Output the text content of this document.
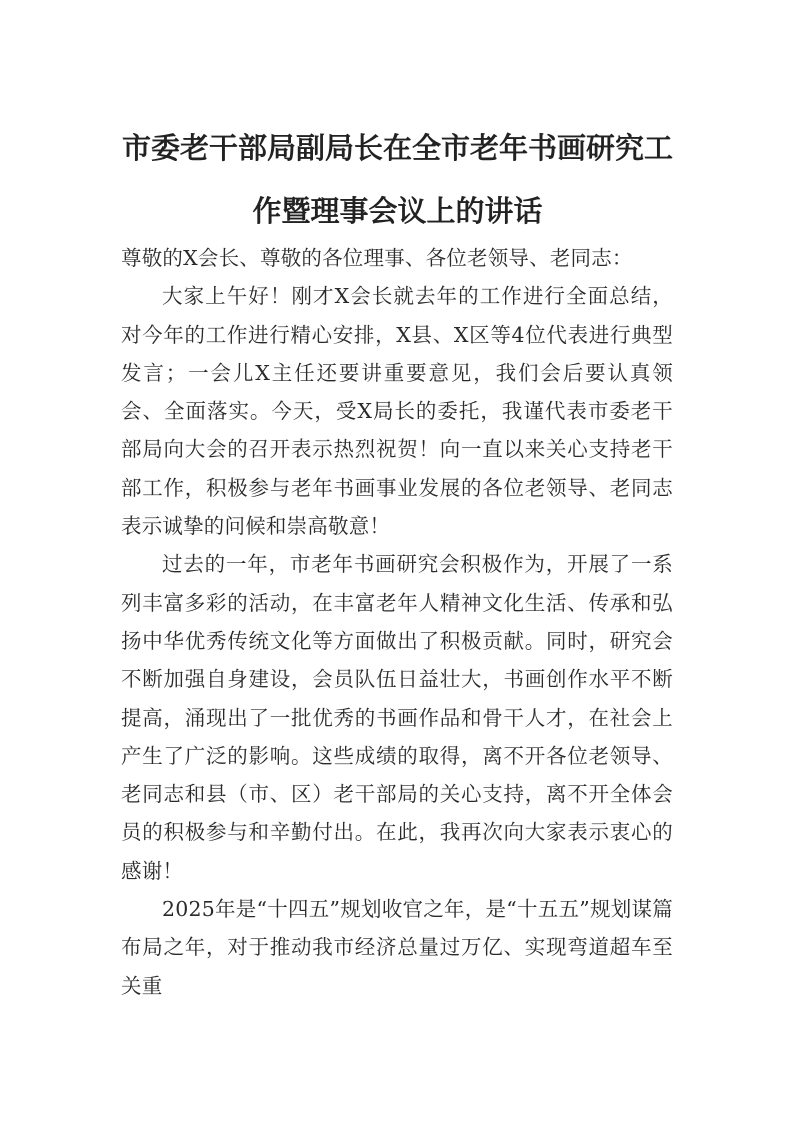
市委老干部局副局长在全市老年书画研究工
作暨理事会议上的讲话

尊敬的X会长、尊敬的各位理事、各位老领导、老同志：

大家上午好！刚才X会长就去年的工作进行全面总结，对今年的工作进行精心安排，X县、X区等4位代表进行典型发言；一会儿X主任还要讲重要意见，我们会后要认真领会、全面落实。今天，受X局长的委托，我谨代表市委老干部局向大会的召开表示热烈祝贺！向一直以来关心支持老干部工作，积极参与老年书画事业发展的各位老领导、老同志表示诚挚的问候和崇高敬意！

过去的一年，市老年书画研究会积极作为，开展了一系列丰富多彩的活动，在丰富老年人精神文化生活、传承和弘扬中华优秀传统文化等方面做出了积极贡献。同时，研究会不断加强自身建设，会员队伍日益壮大，书画创作水平不断提高，涌现出了一批优秀的书画作品和骨干人才，在社会上产生了广泛的影响。这些成绩的取得，离不开各位老领导、老同志和县（市、区）老干部局的关心支持，离不开全体会员的积极参与和辛勤付出。在此，我再次向大家表示衷心的感谢！

2025年是“十四五”规划收官之年，是“十五五”规划谋篇布局之年，对于推动我市经济总量过万亿、实现弯道超车至关重
